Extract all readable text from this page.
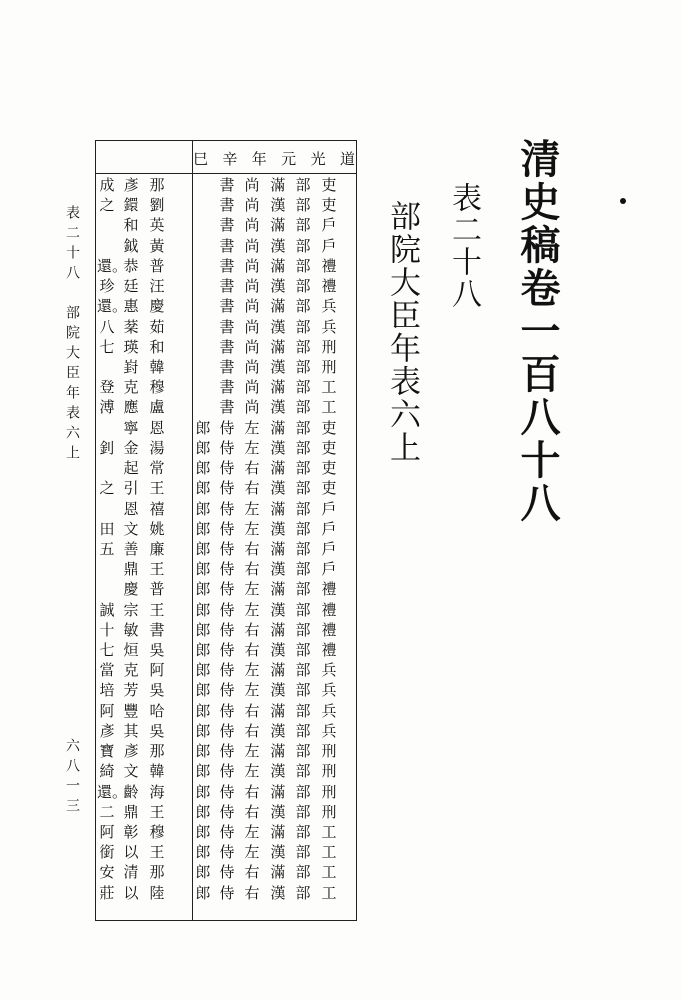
清史稿卷一百八十八
表二十八
部院大臣年表六上
表二十八　部院大臣年表六上
六八一三
巳 辛 年 元 光 道
吏
部
滿
尚
書
那
彥
成
吏
部
漢
尚
書
劉
鐶
之
戶
部
滿
尚
書
英
和
戶
部
漢
尚
書
黃
鉞
禮
部
滿
尚
書
普
恭
還。
禮
部
漢
尚
書
汪
廷
珍
兵
部
滿
尚
書
慶
惠
還。
兵
部
漢
尚
書
茹
棻
八
刑
部
滿
尚
書
和
瑛
七
刑
部
漢
尚
書
韓
崶
工
部
滿
尚
書
穆
克
登
工
部
漢
尚
書
盧
應
溥
吏
部
滿
左
侍
郎
恩
寧
吏
部
漢
左
侍
郎
湯
金
釗
吏
部
滿
右
侍
郎
常
起
吏
部
漢
右
侍
郎
王
引
之
戶
部
滿
左
侍
郎
禧
恩
戶
部
漢
左
侍
郎
姚
文
田
戶
部
滿
右
侍
郎
廉
善
五
戶
部
漢
右
侍
郎
王
鼎
禮
部
滿
左
侍
郎
普
慶
禮
部
漢
左
侍
郎
王
宗
誠
禮
部
滿
右
侍
郎
書
敏
十
禮
部
漢
右
侍
郎
吳
烜
七
兵
部
滿
左
侍
郎
阿
克
當
兵
部
漢
左
侍
郎
吳
芳
培
兵
部
滿
右
侍
郎
哈
豐
阿
兵
部
漢
右
侍
郎
吳
其
彥
刑
部
滿
左
侍
郎
那
彥
寶
刑
部
漢
左
侍
郎
韓
文
綺
刑
部
滿
右
侍
郎
海
齡
還。
刑
部
漢
右
侍
郎
王
鼎
二
工
部
滿
左
侍
郎
穆
彰
阿
工
部
漢
左
侍
郎
王
以
銜
工
部
滿
右
侍
郎
那
清
安
工
部
漢
右
侍
郎
陸
以
莊
